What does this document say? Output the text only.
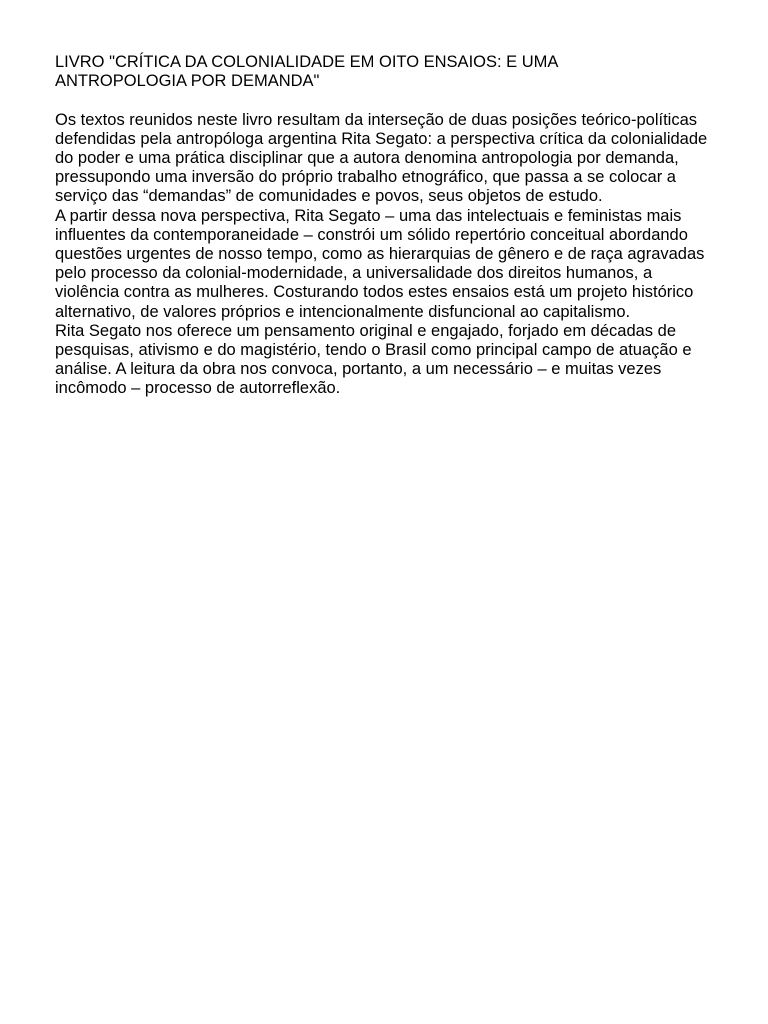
LIVRO "CRÍTICA DA COLONIALIDADE EM OITO ENSAIOS: E UMA
ANTROPOLOGIA POR DEMANDA"

Os textos reunidos neste livro resultam da interseção de duas posições teórico-políticas defendidas pela antropóloga argentina Rita Segato: a perspectiva crítica da colonialidade do poder e uma prática disciplinar que a autora denomina antropologia por demanda, pressupondo uma inversão do próprio trabalho etnográfico, que passa a se colocar a serviço das “demandas” de comunidades e povos, seus objetos de estudo.

A partir dessa nova perspectiva, Rita Segato – uma das intelectuais e feministas mais influentes da contemporaneidade – constrói um sólido repertório conceitual abordando questões urgentes de nosso tempo, como as hierarquias de gênero e de raça agravadas pelo processo da colonial-modernidade, a universalidade dos direitos humanos, a violência contra as mulheres. Costurando todos estes ensaios está um projeto histórico alternativo, de valores próprios e intencionalmente disfuncional ao capitalismo.

Rita Segato nos oferece um pensamento original e engajado, forjado em décadas de pesquisas, ativismo e do magistério, tendo o Brasil como principal campo de atuação e análise. A leitura da obra nos convoca, portanto, a um necessário – e muitas vezes incômodo – processo de autorreflexão.
